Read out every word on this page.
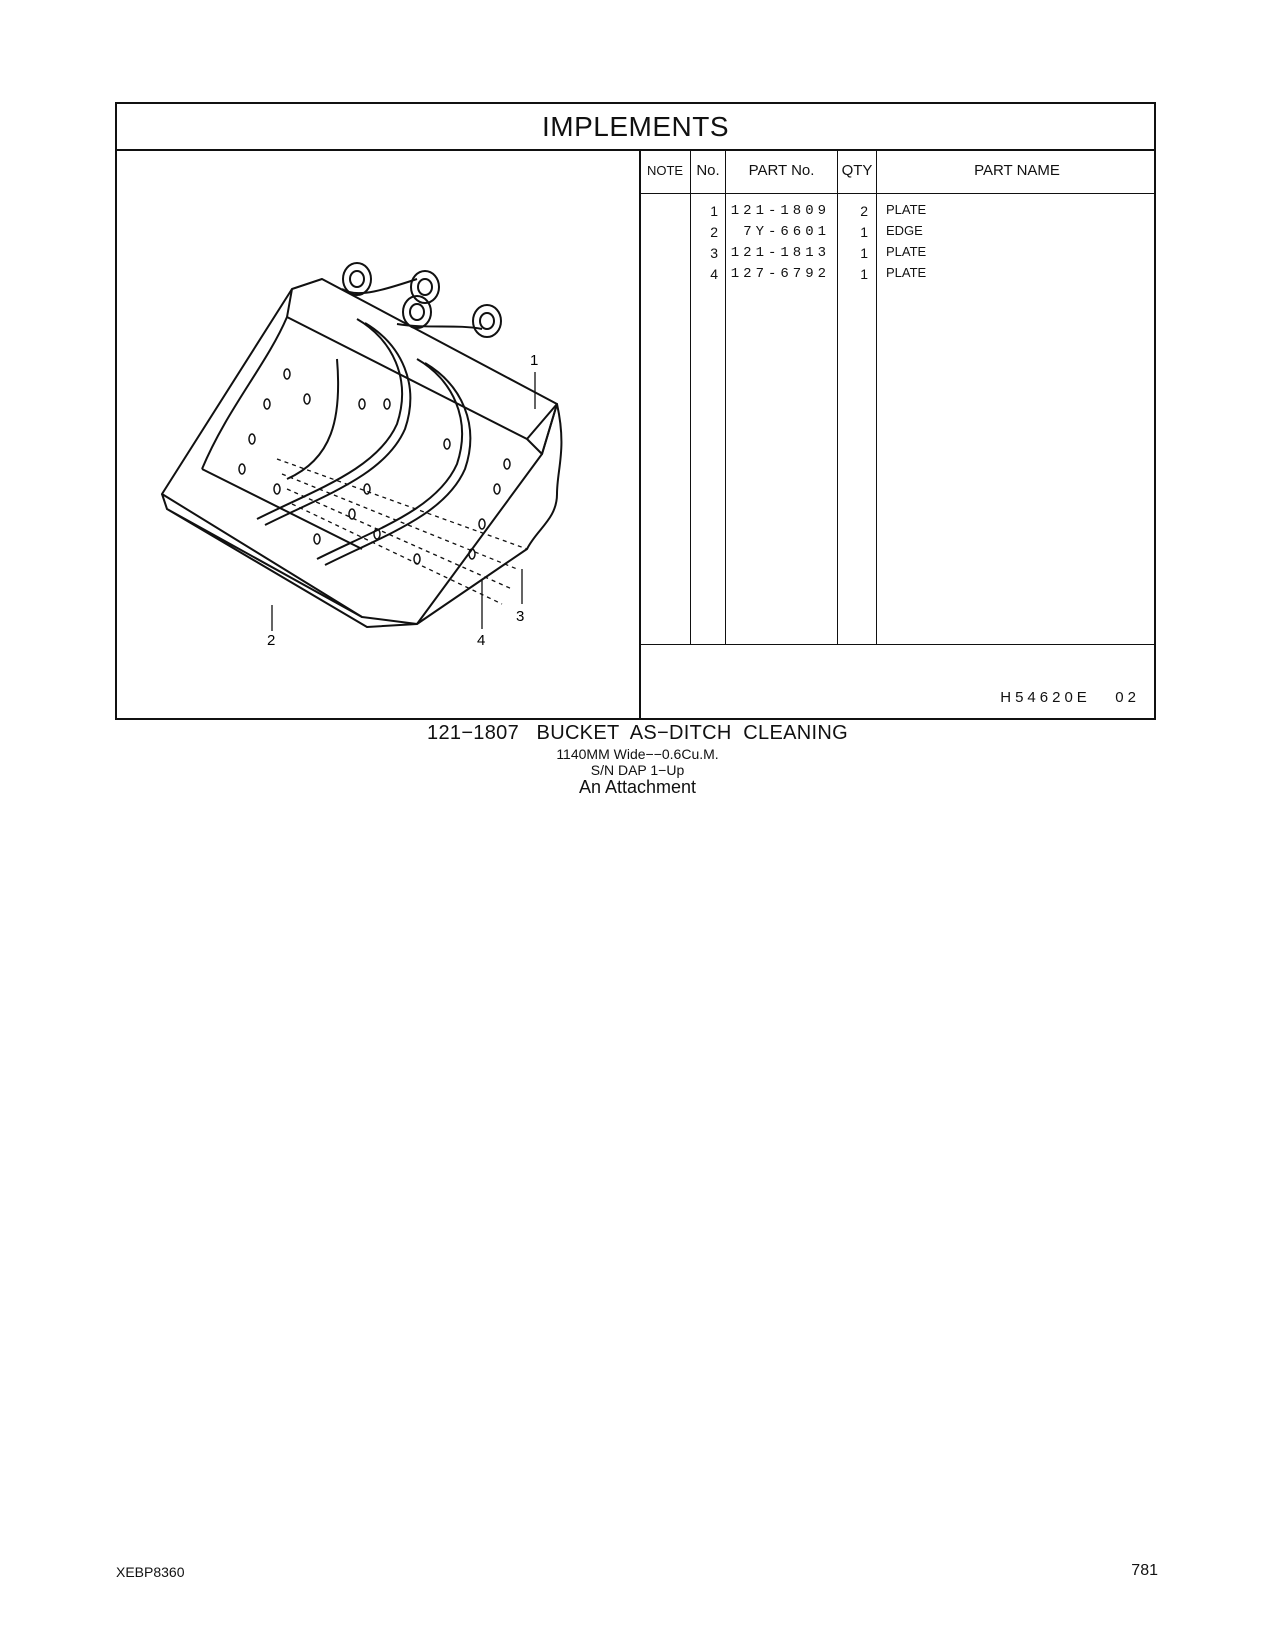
IMPLEMENTS
1
2
3
4
NOTE No.	PART No.	QTY	PART NAME
1 121-1809	2 PLATE
2	7Y-6601	1 EDGE
3 121-1813	1 PLATE
4 127-6792	1 PLATE
H54620E   02
121−1807   BUCKET  AS−DITCH  CLEANING
1140MM Wide−−0.6Cu.M.
S/N DAP 1−Up
An Attachment
XEBP8360	781
